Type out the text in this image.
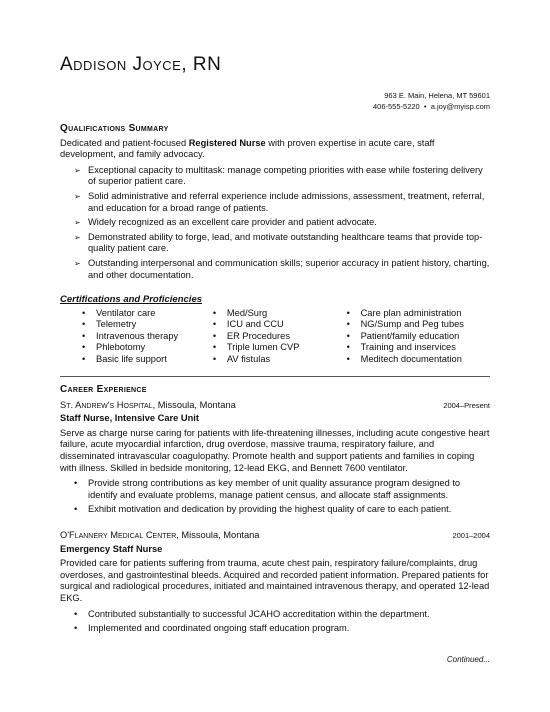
Addison Joyce, RN
963 E. Main, Helena, MT 59601
406-555-5220 • a.joy@myisp.com
Qualifications Summary
Dedicated and patient-focused Registered Nurse with proven expertise in acute care, staff development, and family advocacy.
➢ Exceptional capacity to multitask: manage competing priorities with ease while fostering delivery of superior patient care.
➢ Solid administrative and referral experience include admissions, assessment, treatment, referral, and education for a broad range of patients.
➢ Widely recognized as an excellent care provider and patient advocate.
➢ Demonstrated ability to forge, lead, and motivate outstanding healthcare teams that provide top-quality patient care.
➢ Outstanding interpersonal and communication skills; superior accuracy in patient history, charting, and other documentation.
Certifications and Proficiencies
• Ventilator care
• Telemetry
• Intravenous therapy
• Phlebotomy
• Basic life support
• Med/Surg
• ICU and CCU
• ER Procedures
• Triple lumen CVP
• AV fistulas
• Care plan administration
• NG/Sump and Peg tubes
• Patient/family education
• Training and inservices
• Meditech documentation
Career Experience
St. Andrew's Hospital, Missoula, Montana	2004–Present
Staff Nurse, Intensive Care Unit
Serve as charge nurse caring for patients with life-threatening illnesses, including acute congestive heart failure, acute myocardial infarction, drug overdose, massive trauma, respiratory failure, and disseminated intravascular coagulopathy. Promote health and support patients and families in coping with illness. Skilled in bedside monitoring, 12-lead EKG, and Bennett 7600 ventilator.
• Provide strong contributions as key member of unit quality assurance program designed to identify and evaluate problems, manage patient census, and allocate staff assignments.
• Exhibit motivation and dedication by providing the highest quality of care to each patient.
O'Flannery Medical Center, Missoula, Montana	2001–2004
Emergency Staff Nurse
Provided care for patients suffering from trauma, acute chest pain, respiratory failure/complaints, drug overdoses, and gastrointestinal bleeds. Acquired and recorded patient information. Prepared patients for surgical and radiological procedures, initiated and maintained intravenous therapy, and operated 12-lead EKG.
• Contributed substantially to successful JCAHO accreditation within the department.
• Implemented and coordinated ongoing staff education program.
Continued...
